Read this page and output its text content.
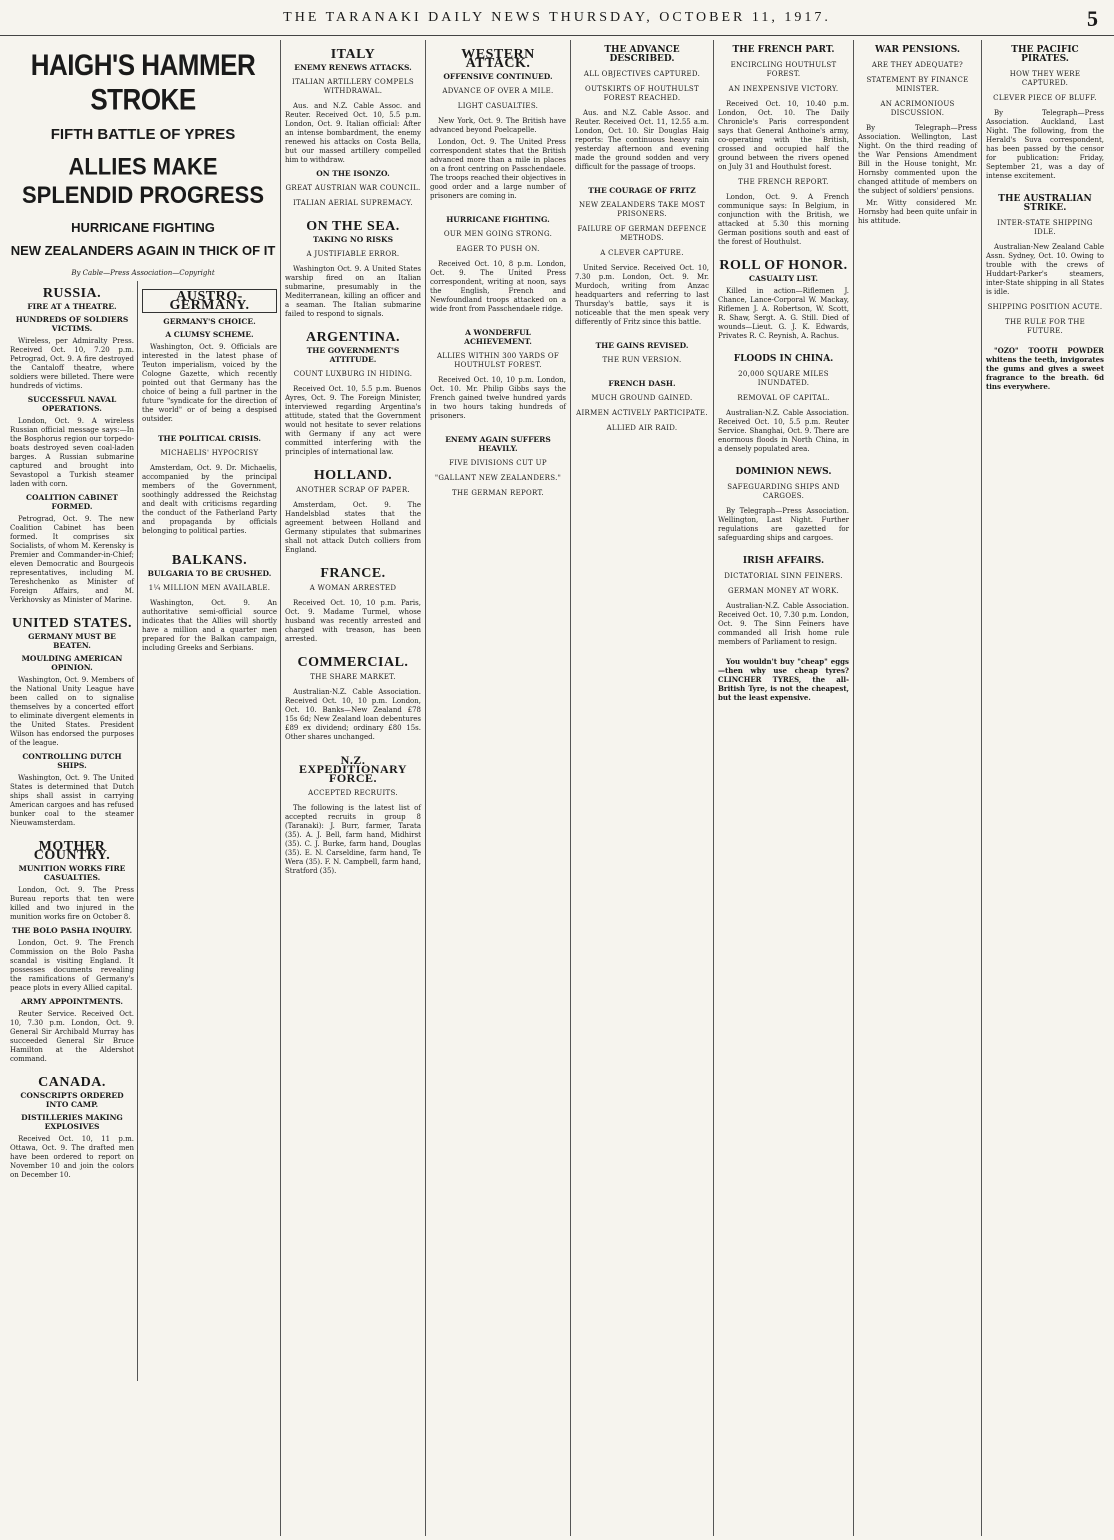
THE TARANAKI DAILY NEWS THURSDAY, OCTOBER 11, 1917.	5
HAIGH'S HAMMER STROKE
FIFTH BATTLE OF YPRES
ALLIES MAKE SPLENDID PROGRESS
HURRICANE FIGHTING
NEW ZEALANDERS AGAIN IN THICK OF IT
By Cable—Press Association—Copyright
RUSSIA.
FIRE AT A THEATRE.
HUNDREDS OF SOLDIERS VICTIMS.

Wireless, per Admiralty Press. Received Oct. 10, 7.20 p.m. Petrograd, Oct. 9. A fire destroyed the Cantaloff theatre, where soldiers were billeted. There were hundreds of victims.

SUCCESSFUL NAVAL OPERATIONS.

London, Oct. 9. A wireless Russian official message says:—In the Bosphorus region our torpedo-boats destroyed seven coal-laden barges. A Russian submarine captured and brought into Sevastopol a Turkish steamer laden with corn.

COALITION CABINET FORMED.

Petrograd, Oct. 9. The new Coalition Cabinet has been formed. It comprises six Socialists, of whom M. Kerensky is Premier and Commander-in-Chief; eleven Democratic and Bourgeois representatives, including M. Tereshchenko as Minister of Foreign Affairs, and M. Verkhovsky as Minister of Marine.

UNITED STATES.
GERMANY MUST BE BEATEN.
MOULDING AMERICAN OPINION.

Washington, Oct. 9. Members of the National Unity League have been called on to signalise themselves by a concerted effort to eliminate divergent elements in the United States. President Wilson has endorsed the purposes of the league.

CONTROLLING DUTCH SHIPS.

Washington, Oct. 9. The United States is determined that Dutch ships shall assist in carrying American cargoes and has refused bunker coal to the steamer Nieuwamsterdam.

MOTHER COUNTRY.
MUNITION WORKS FIRE CASUALTIES.

London, Oct. 9. The Press Bureau reports that ten were killed and two injured in the munition works fire on October 8.

THE BOLO PASHA INQUIRY.

London, Oct. 9. The French Commission on the Bolo Pasha scandal is visiting England. It possesses documents revealing the ramifications of Germany's peace plots in every Allied capital.

ARMY APPOINTMENTS.

Reuter Service. Received Oct. 10, 7.30 p.m. London, Oct. 9. General Sir Archibald Murray has succeeded General Sir Bruce Hamilton at the Aldershot command.

CANADA.
CONSCRIPTS ORDERED INTO CAMP.
DISTILLERIES MAKING EXPLOSIVES

Received Oct. 10, 11 p.m. Ottawa, Oct. 9. The drafted men have been ordered to report on November 10 and join the colors on December 10.

AUSTRO-GERMANY.
GERMANY'S CHOICE.
A CLUMSY SCHEME.

Washington, Oct. 9. Officials are interested in the latest phase of Teuton imperialism, voiced by the Cologne Gazette, which recently pointed out that Germany has the choice of being a full partner in the future "syndicate for the direction of the world" or of being a despised outsider.

THE POLITICAL CRISIS.
MICHAELIS' HYPOCRISY

Amsterdam, Oct. 9. Dr. Michaelis, accompanied by the principal members of the Government, soothingly addressed the Reichstag and dealt with criticisms regarding the conduct of the Fatherland Party and propaganda by officials belonging to political parties.

BALKANS.
BULGARIA TO BE CRUSHED.
1¼ MILLION MEN AVAILABLE.

Washington, Oct. 9. An authoritative semi-official source indicates that the Allies will shortly have a million and a quarter men prepared for the Balkan campaign, including Greeks and Serbians.

ITALY
ENEMY RENEWS ATTACKS.
ITALIAN ARTILLERY COMPELS WITHDRAWAL.

Aus. and N.Z. Cable Assoc. and Reuter. Received Oct. 10, 5.5 p.m. London, Oct. 9. Italian official: After an intense bombardment, the enemy renewed his attacks on Costa Bella, but our massed artillery compelled him to withdraw.

ON THE ISONZO.
GREAT AUSTRIAN WAR COUNCIL.
ITALIAN AERIAL SUPREMACY.
ON THE SEA.
TAKING NO RISKS
A JUSTIFIABLE ERROR.

Washington Oct. 9. A United States warship fired on an Italian submarine, presumably in the Mediterranean, killing an officer and a seaman. The Italian submarine failed to respond to signals.

ARGENTINA.
THE GOVERNMENT'S ATTITUDE.
COUNT LUXBURG IN HIDING.

Received Oct. 10, 5.5 p.m. Buenos Ayres, Oct. 9. The Foreign Minister, interviewed regarding Argentina's attitude, stated that the Government would not hesitate to sever relations with Germany if any act were committed interfering with the principles of international law.

HOLLAND.
ANOTHER SCRAP OF PAPER.

Amsterdam, Oct. 9. The Handelsblad states that the agreement between Holland and Germany stipulates that submarines shall not attack Dutch colliers from England.

FRANCE.
A WOMAN ARRESTED

Received Oct. 10, 10 p.m. Paris, Oct. 9. Madame Turmel, whose husband was recently arrested and charged with treason, has been arrested.

COMMERCIAL.
THE SHARE MARKET.

Australian-N.Z. Cable Association. Received Oct. 10, 10 p.m. London, Oct. 10. Banks—New Zealand £78 15s 6d; New Zealand loan debentures £89 ex dividend; ordinary £80 15s. Other shares unchanged.

N.Z. EXPEDITIONARY FORCE.
ACCEPTED RECRUITS.

The following is the latest list of accepted recruits in group 8 (Taranaki): J. Burr, farmer, Tarata (35). A. J. Bell, farm hand, Midhirst (35). C. J. Burke, farm hand, Douglas (35). E. N. Carseldine, farm hand, Te Wera (35). F. N. Campbell, farm hand, Stratford (35).

WESTERN ATTACK.
OFFENSIVE CONTINUED.
ADVANCE OF OVER A MILE.
LIGHT CASUALTIES.

New York, Oct. 9. The British have advanced beyond Poelcapelle.

London, Oct. 9. The United Press correspondent states that the British advanced more than a mile in places on a front centring on Passchendaele. The troops reached their objectives in good order and a large number of prisoners are coming in.

HURRICANE FIGHTING.
OUR MEN GOING STRONG.
EAGER TO PUSH ON.

Received Oct. 10, 8 p.m. London, Oct. 9. The United Press correspondent, writing at noon, says the English, French and Newfoundland troops attacked on a wide front from Passchendaele ridge.

A WONDERFUL ACHIEVEMENT.
ALLIES WITHIN 300 YARDS OF HOUTHULST FOREST.

Received Oct. 10, 10 p.m. London, Oct. 10. Mr. Philip Gibbs says the French gained twelve hundred yards in two hours taking hundreds of prisoners.

ENEMY AGAIN SUFFERS HEAVILY.
FIVE DIVISIONS CUT UP
"GALLANT NEW ZEALANDERS."
THE GERMAN REPORT.
THE ADVANCE DESCRIBED.
ALL OBJECTIVES CAPTURED.
OUTSKIRTS OF HOUTHULST FOREST REACHED.

Aus. and N.Z. Cable Assoc. and Reuter. Received Oct. 11, 12.55 a.m. London, Oct. 10. Sir Douglas Haig reports: The continuous heavy rain yesterday afternoon and evening made the ground sodden and very difficult for the passage of troops.

THE COURAGE OF FRITZ
NEW ZEALANDERS TAKE MOST PRISONERS.
FAILURE OF GERMAN DEFENCE METHODS.
A CLEVER CAPTURE.

United Service. Received Oct. 10, 7.30 p.m. London, Oct. 9. Mr. Murdoch, writing from Anzac headquarters and referring to last Thursday's battle, says it is noticeable that the men speak very differently of Fritz since this battle.

THE GAINS REVISED.
THE RUN VERSION.
FRENCH DASH.
MUCH GROUND GAINED.
AIRMEN ACTIVELY PARTICIPATE.
ALLIED AIR RAID.
THE FRENCH PART.
ENCIRCLING HOUTHULST FOREST.
AN INEXPENSIVE VICTORY.

Received Oct. 10, 10.40 p.m. London, Oct. 10. The Daily Chronicle's Paris correspondent says that General Anthoine's army, co-operating with the British, crossed and occupied half the ground between the rivers opened on July 31 and Houthulst forest.

THE FRENCH REPORT.

London, Oct. 9. A French communique says: In Belgium, in conjunction with the British, we attacked at 5.30 this morning German positions south and east of the forest of Houthulst.

ROLL OF HONOR.
CASUALTY LIST.

Killed in action—Riflemen J. Chance, Lance-Corporal W. Mackay, Riflemen J. A. Robertson, W. Scott, R. Shaw, Sergt. A. G. Still. Died of wounds—Lieut. G. J. K. Edwards, Privates R. C. Reynish, A. Rachus.

FLOODS IN CHINA.
20,000 SQUARE MILES INUNDATED.
REMOVAL OF CAPITAL.

Australian-N.Z. Cable Association. Received Oct. 10, 5.5 p.m. Reuter Service. Shanghai, Oct. 9. There are enormous floods in North China, in a densely populated area.

DOMINION NEWS.
SAFEGUARDING SHIPS AND CARGOES.

By Telegraph—Press Association. Wellington, Last Night. Further regulations are gazetted for safeguarding ships and cargoes.

IRISH AFFAIRS.
DICTATORIAL SINN FEINERS.
GERMAN MONEY AT WORK.

Australian-N.Z. Cable Association. Received Oct. 10, 7.30 p.m. London, Oct. 9. The Sinn Feiners have commanded all Irish home rule members of Parliament to resign.

You wouldn't buy "cheap" eggs—then why use cheap tyres? CLINCHER TYRES, the all-British Tyre, is not the cheapest, but the least expensive.

WAR PENSIONS.
ARE THEY ADEQUATE?
STATEMENT BY FINANCE MINISTER.
AN ACRIMONIOUS DISCUSSION.

By Telegraph—Press Association. Wellington, Last Night. On the third reading of the War Pensions Amendment Bill in the House tonight, Mr. Hornsby commented upon the changed attitude of members on the subject of soldiers' pensions.

Mr. Witty considered Mr. Hornsby had been quite unfair in his attitude.

THE PACIFIC PIRATES.
HOW THEY WERE CAPTURED.
CLEVER PIECE OF BLUFF.

By Telegraph—Press Association. Auckland, Last Night. The following, from the Herald's Suva correspondent, has been passed by the censor for publication: Friday, September 21, was a day of intense excitement.

THE AUSTRALIAN STRIKE.
INTER-STATE SHIPPING IDLE.

Australian-New Zealand Cable Assn. Sydney, Oct. 10. Owing to trouble with the crews of Huddart-Parker's steamers, inter-State shipping in all States is idle.

SHIPPING POSITION ACUTE.
THE RULE FOR THE FUTURE.

"OZO" TOOTH POWDER whitens the teeth, invigorates the gums and gives a sweet fragrance to the breath. 6d tins everywhere.
